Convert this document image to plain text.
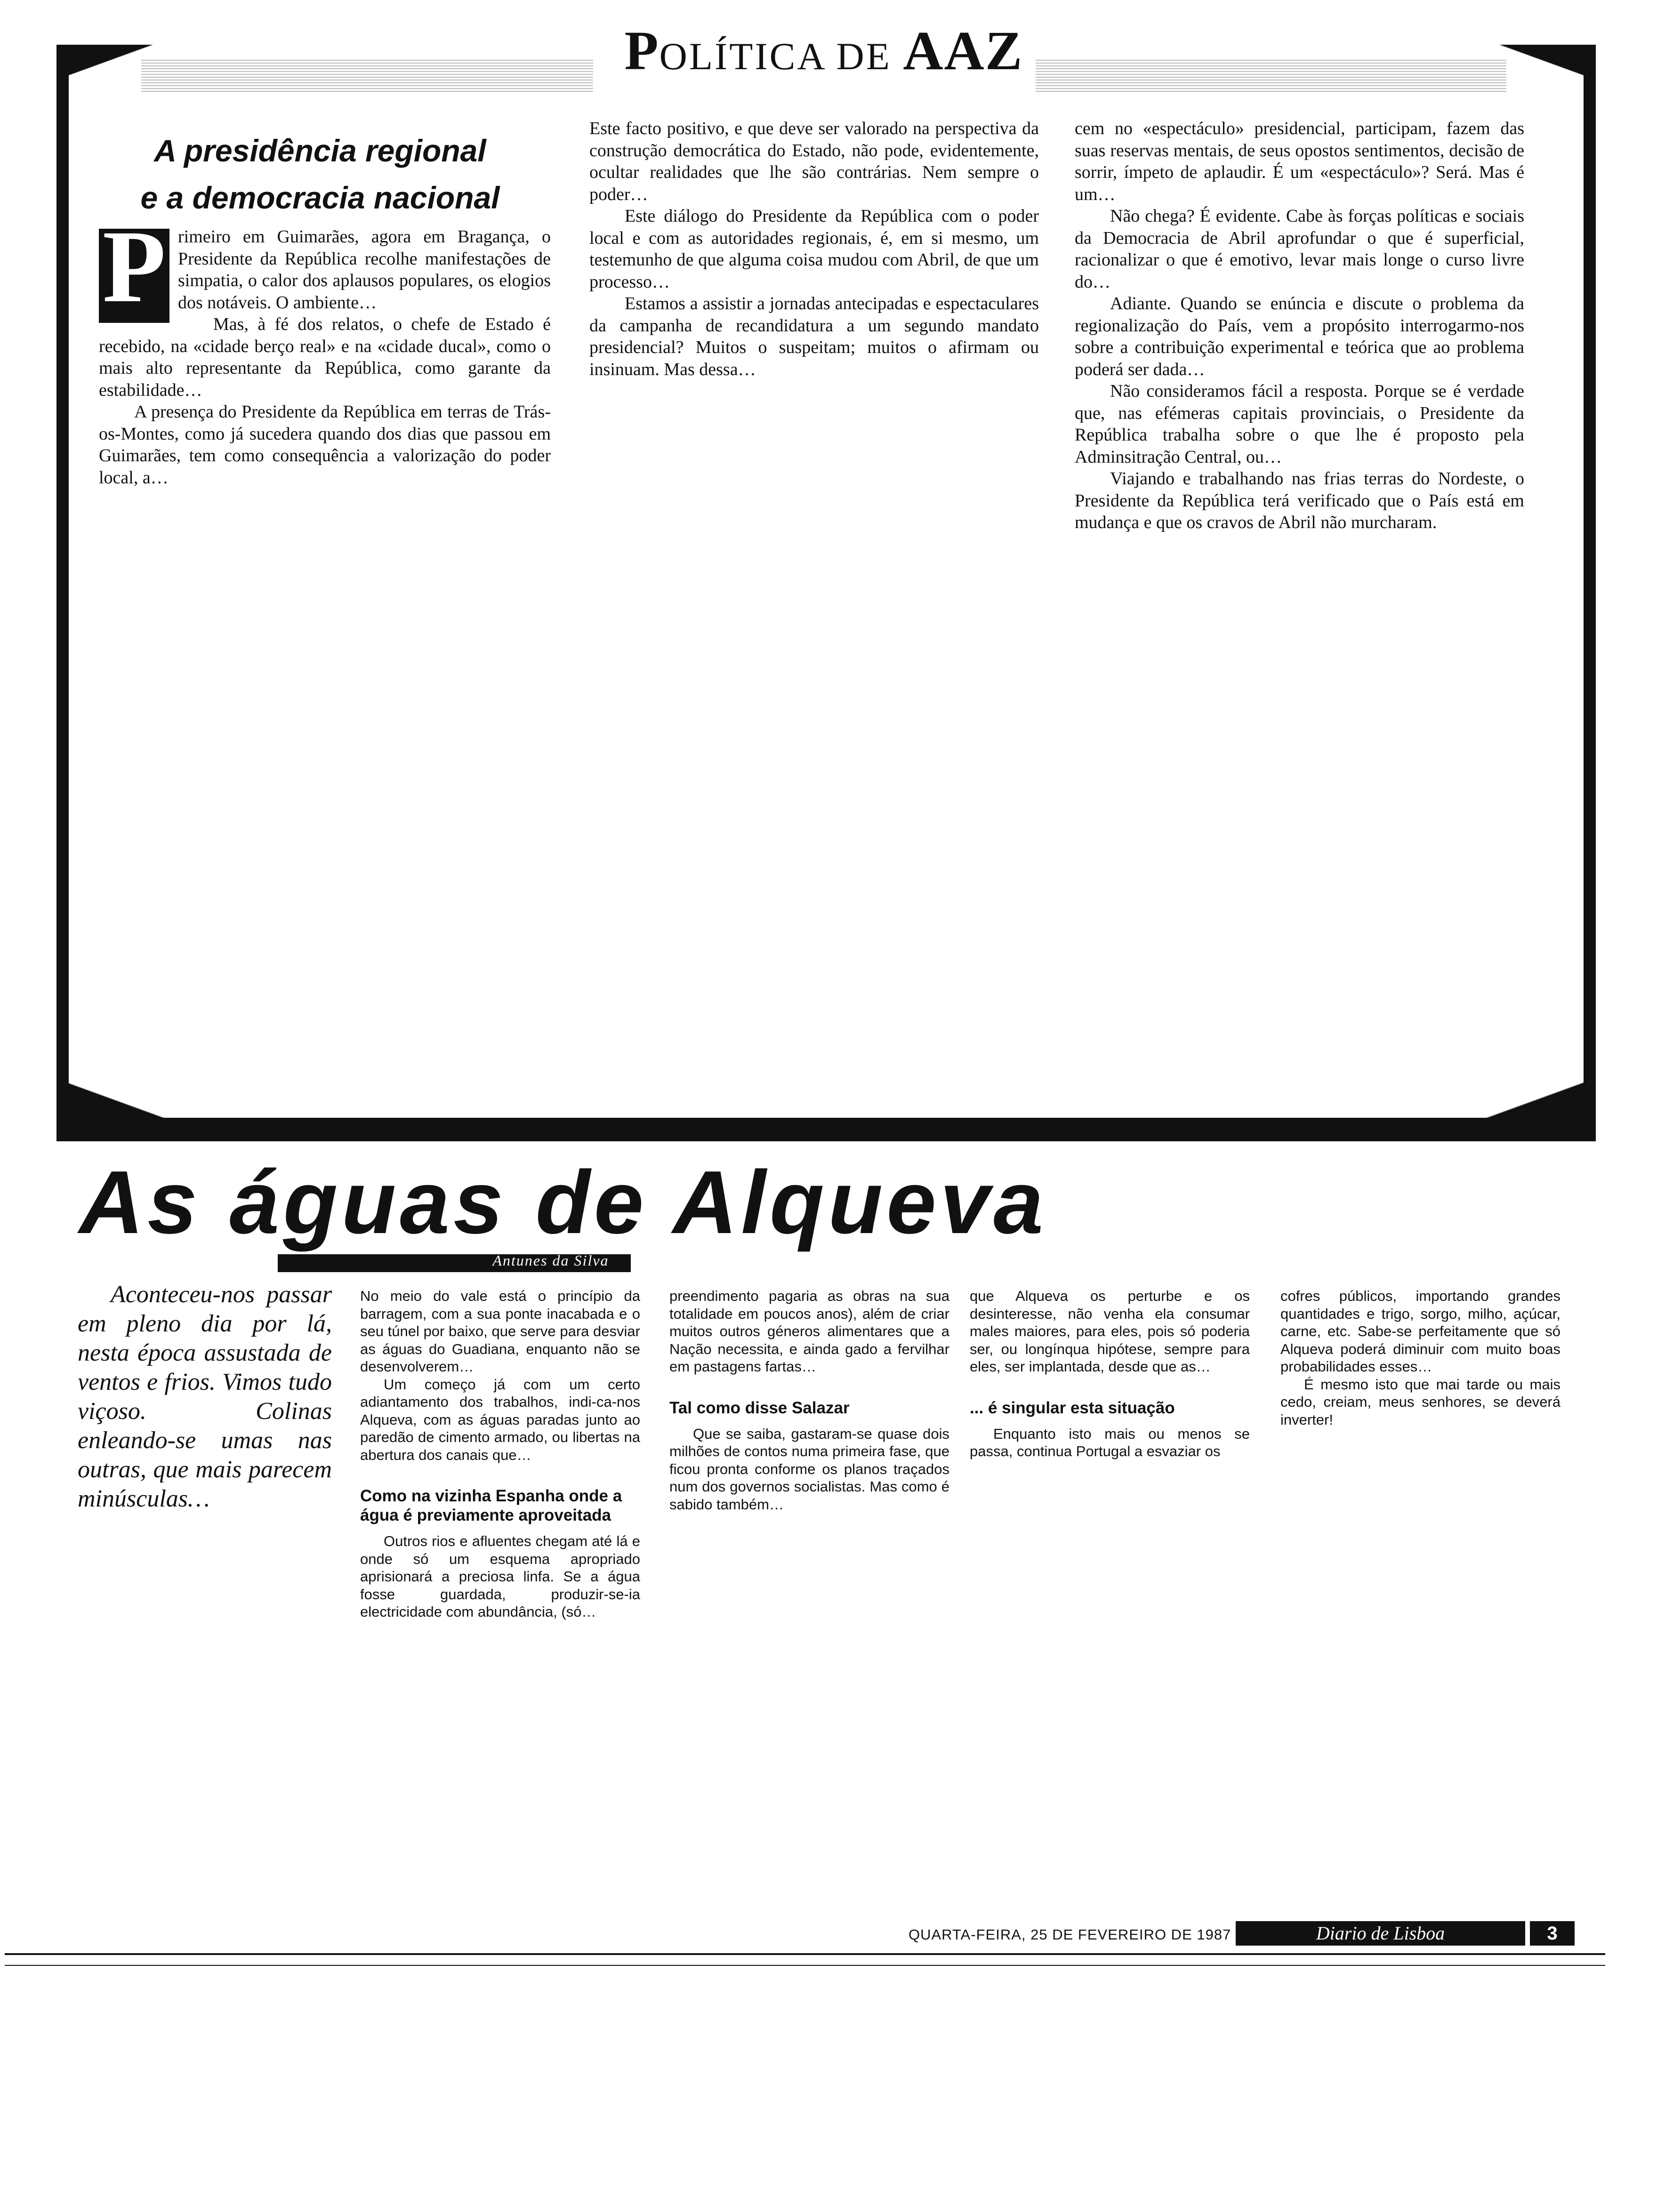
POLÍTICA DE AAZ
A presidência regional
e a democracia nacional
P rimeiro em Guimarães, agora em Bragança, o Presidente da República recolhe manifestações de simpatia, o calor dos aplausos populares, os elogios dos notáveis. O ambiente…

Mas, à fé dos relatos, o chefe de Estado é recebido, na «cidade berço real» e na «cidade ducal», como o mais alto representante da República, como garante da estabilidade…

A presença do Presidente da República em terras de Trás-os-Montes, como já sucedera quando dos dias que passou em Guimarães, tem como consequência a valorização do poder local, a…

Este facto positivo, e que deve ser valorado na perspectiva da construção democrática do Estado, não pode, evidentemente, ocultar realidades que lhe são contrárias. Nem sempre o poder…

Este diálogo do Presidente da República com o poder local e com as autoridades regionais, é, em si mesmo, um testemunho de que alguma coisa mudou com Abril, de que um processo…

Estamos a assistir a jornadas antecipadas e espectaculares da campanha de recandidatura a um segundo mandato presidencial? Muitos o suspeitam; muitos o afirmam ou insinuam. Mas dessa…

cem no «espectáculo» presidencial, participam, fazem das suas reservas mentais, de seus opostos sentimentos, decisão de sorrir, ímpeto de aplaudir. É um «espectáculo»? Será. Mas é um…

Não chega? É evidente. Cabe às forças políticas e sociais da Democracia de Abril aprofundar o que é superficial, racionalizar o que é emotivo, levar mais longe o curso livre do…

Adiante. Quando se enúncia e discute o problema da regionalização do País, vem a propósito interrogarmo-nos sobre a contribuição experimental e teórica que ao problema poderá ser dada…

Não consideramos fácil a resposta. Porque se é verdade que, nas efémeras capitais provinciais, o Presidente da República trabalha sobre o que lhe é proposto pela Adminsitração Central, ou…

Viajando e trabalhando nas frias terras do Nordeste, o Presidente da República terá verificado que o País está em mudança e que os cravos de Abril não murcharam.

As águas de Alqueva
Antunes da Silva

Aconteceu-nos passar em pleno dia por lá, nesta época assustada de ventos e frios. Vimos tudo viçoso. Colinas enleando-se umas nas outras, que mais parecem minúsculas…

No meio do vale está o princípio da barragem, com a sua ponte inacabada e o seu túnel por baixo, que serve para desviar as águas do Guadiana, enquanto não se desenvolverem…

Um começo já com um certo adiantamento dos trabalhos, indi-ca-nos Alqueva, com as águas paradas junto ao paredão de cimento armado, ou libertas na abertura dos canais que…

Como na vizinha Espanha onde a água é previamente aproveitada

Outros rios e afluentes chegam até lá e onde só um esquema apropriado aprisionará a preciosa linfa. Se a água fosse guardada, produzir-se-ia electricidade com abundância, (só…

preendimento pagaria as obras na sua totalidade em poucos anos), além de criar muitos outros géneros alimentares que a Nação necessita, e ainda gado a fervilhar em pastagens fartas…

Tal como disse Salazar

Que se saiba, gastaram-se quase dois milhões de contos numa primeira fase, que ficou pronta conforme os planos traçados num dos governos socialistas. Mas como é sabido também…

que Alqueva os perturbe e os desinteresse, não venha ela consumar males maiores, para eles, pois só poderia ser, ou longínqua hipótese, sempre para eles, ser implantada, desde que as…

... é singular esta situação

Enquanto isto mais ou menos se passa, continua Portugal a esvaziar os

cofres públicos, importando grandes quantidades e trigo, sorgo, milho, açúcar, carne, etc. Sabe-se perfeitamente que só Alqueva poderá diminuir com muito boas probabilidades esses…

É mesmo isto que mai tarde ou mais cedo, creiam, meus senhores, se deverá inverter!

QUARTA-FEIRA, 25 DE FEVEREIRO DE 1987	Diario de Lisboa	3
